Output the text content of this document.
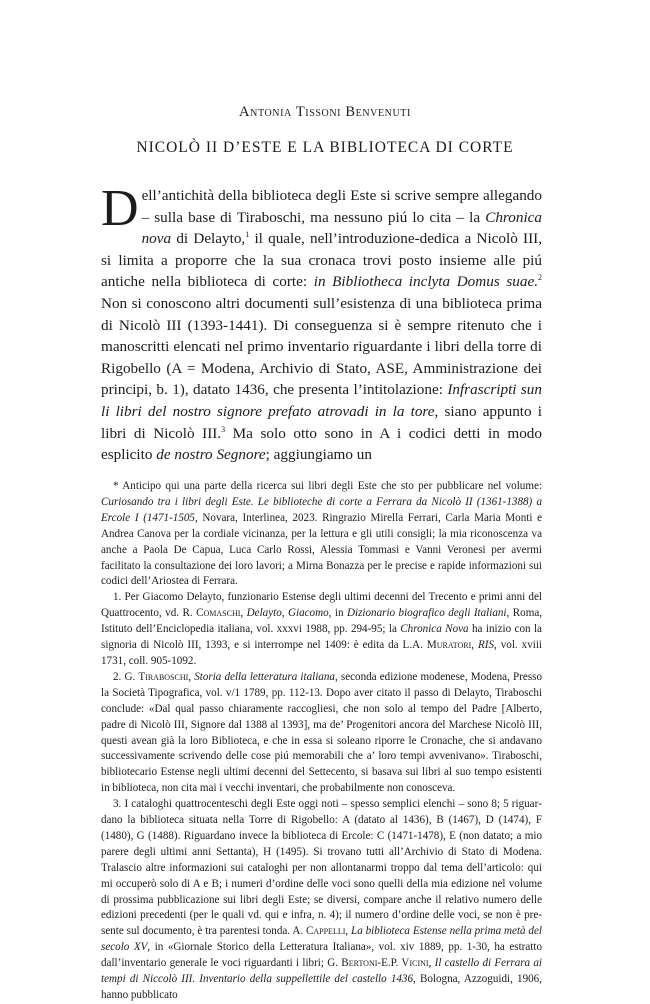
Antonia Tissoni Benvenuti
NICOLÒ II D’ESTE E LA BIBLIOTECA DI CORTE
Dell’antichità della biblioteca degli Este si scrive sempre allegando – sulla base di Tiraboschi, ma nessuno piú lo cita – la Chronica nova di Delayto,$^1$ il quale, nell’introduzione-dedica a Nicolò III, si limita a proporre che la sua cronaca trovi posto insieme alle piú antiche nella biblioteca di corte: in Bibliotheca inclyta Domus suae.$^2$ Non si conoscono altri documenti sull’esistenza di una biblioteca prima di Nicolò III (1393-1441). Di conseguenza si è sempre ritenuto che i manoscritti elencati nel primo inventario riguardante i libri della torre di Rigobello (A = Modena, Archivio di Stato, ASE, Amministrazione dei principi, b. 1), datato 1436, che presenta l’intitolazione: Infrascripti sun li libri del nostro signore prefato atrovadi in la tore, siano appunto i libri di Nicolò III.$^3$ Ma solo otto sono in A i codici detti in modo esplicito de nostro Segnore; aggiungiamo un

* Anticipo qui una parte della ricerca sui libri degli Este che sto per pubblicare nel volume: Curiosando tra i libri degli Este. Le biblioteche di corte a Ferrara da Nicolò II (1361-1388) a Ercole I (1471-1505, Novara, Interlinea, 2023. Ringrazio Mirella Ferrari, Carla Maria Monti e Andrea Canova per la cordiale vicinanza, per la lettura e gli utili consigli; la mia riconoscenza va anche a Paola De Capua, Luca Carlo Rossi, Alessia Tommasi e Vanni Veronesi per avermi facilitato la consultazione dei loro lavori; a Mirna Bonazza per le precise e rapide informazioni sui codici dell’Ariostea di Ferrara.

1. Per Giacomo Delayto, funzionario Estense degli ultimi decenni del Trecento e primi anni del Quattrocento, vd. R. Comaschi, Delayto, Giacomo, in Dizionario biografico degli Italiani, Roma, Istituto dell’Enciclopedia italiana, vol. xxxvi 1988, pp. 294-95; la Chronica Nova ha inizio con la signoria di Nicolò III, 1393, e si interrompe nel 1409: è edita da L.A. Muratori, RIS, vol. xviii 1731, coll. 905-1092.

2. G. Tiraboschi, Storia della letteratura italiana, seconda edizione modenese, Modena, Presso la Società Tipografica, vol. v/1 1789, pp. 112-13. Dopo aver citato il passo di Delayto, Tiraboschi conclude: «Dal qual passo chiaramente raccogliesi, che non solo al tempo del Padre [Alberto, padre di Nicolò III, Signore dal 1388 al 1393], ma de’ Progenitori ancora del Marchese Nicolò III, questi avean già la loro Biblioteca, e che in essa si soleano riporre le Cronache, che si andavano successivamente scrivendo delle cose piú memorabili che a’ loro tempi avvenivano». Tiraboschi, bibliotecario Estense negli ultimi decenni del Settecento, si basava sui libri al suo tempo esistenti in biblioteca, non cita mai i vecchi inventari, che probabilmente non conosceva.

3. I cataloghi quattrocenteschi degli Este oggi noti – spesso semplici elenchi – sono 8; 5 riguardano la biblioteca situata nella Torre di Rigobello: A (datato al 1436), B (1467), D (1474), F (1480), G (1488). Riguardano invece la biblioteca di Ercole: C (1471-1478), E (non datato; a mio parere degli ultimi anni Settanta), H (1495). Si trovano tutti all’Archivio di Stato di Modena. Tralascio altre informazioni sui cataloghi per non allontanarmi troppo dal tema dell’articolo: qui mi occuperò solo di A e B; i numeri d’ordine delle voci sono quelli della mia edizione nel volume di prossima pubblicazione sui libri degli Este; se diversi, compare anche il relativo numero delle edizioni precedenti (per le quali vd. qui e infra, n. 4); il numero d’ordine delle voci, se non è presente sul documento, è tra parentesi tonda. A. Cappelli, La biblioteca Estense nella prima metà del secolo XV, in «Giornale Storico della Letteratura Italiana», vol. xiv 1889, pp. 1-30, ha estratto dall’inventario generale le voci riguardanti i libri; G. Bertoni-E.P. Vicini, Il castello di Ferrara ai tempi di Niccolò III. Inventario della suppellettile del castello 1436, Bologna, Azzoguidi, 1906, hanno pubblicato
